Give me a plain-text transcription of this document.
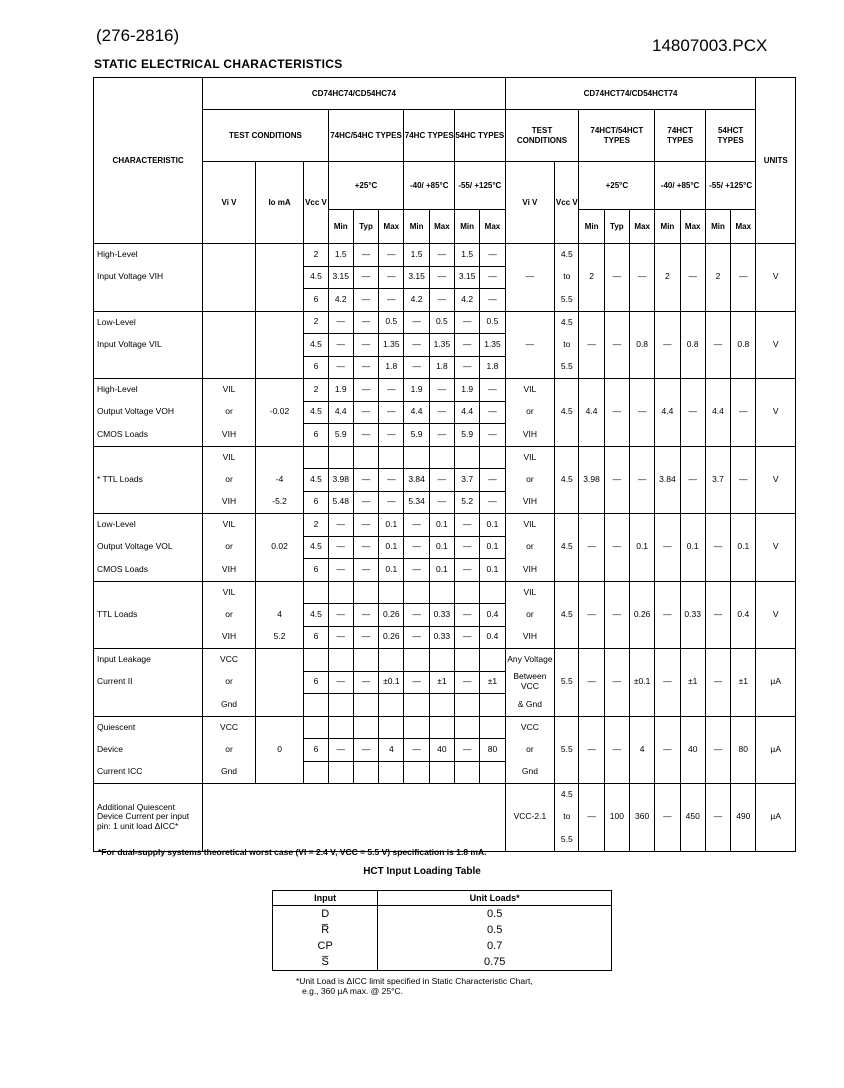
(276-2816)
14807003.PCX
STATIC ELECTRICAL CHARACTERISTICS
CHARACTERISTIC	CD74HC74/CD54HC74										CD74HCT74/CD54HCT74									UNITS
	TEST CONDITIONS			74HC/54HC TYPES			74HC TYPES		54HC TYPES		TEST CONDITIONS		74HCT/54HCT TYPES			74HCT TYPES		54HCT TYPES		
	Vi V	Io mA	Vcc V	+25°C			-40/ +85°C		-55/ +125°C		Vi V	Vcc V	+25°C			-40/ +85°C		-55/ +125°C		
				Min	Typ	Max	Min	Max	Min	Max			Min	Typ	Max	Min	Max	Min	Max	
High-Level			2	1.5	—	—	1.5	—	1.5	—		4.5								
Input Voltage VIH			4.5	3.15	—	—	3.15	—	3.15	—	—	to	2	—	—	2	—	2	—	V
			6	4.2	—	—	4.2	—	4.2	—		5.5								
Low-Level			2	—	—	0.5	—	0.5	—	0.5		4.5								
Input Voltage VIL			4.5	—	—	1.35	—	1.35	—	1.35	—	to	—	—	0.8	—	0.8	—	0.8	V
			6	—	—	1.8	—	1.8	—	1.8		5.5								
High-Level	VIL		2	1.9	—	—	1.9	—	1.9	—	VIL									
Output Voltage VOH	or	-0.02	4.5	4.4	—	—	4.4	—	4.4	—	or	4.5	4.4	—	—	4.4	—	4.4	—	V
CMOS Loads	VIH		6	5.9	—	—	5.9	—	5.9	—	VIH									
	VIL										VIL									
* TTL Loads	or	-4	4.5	3.98	—	—	3.84	—	3.7	—	or	4.5	3.98	—	—	3.84	—	3.7	—	V
	VIH	-5.2	6	5.48	—	—	5.34	—	5.2	—	VIH									
Low-Level	VIL		2	—	—	0.1	—	0.1	—	0.1	VIL									
Output Voltage VOL	or	0.02	4.5	—	—	0.1	—	0.1	—	0.1	or	4.5	—	—	0.1	—	0.1	—	0.1	V
CMOS Loads	VIH		6	—	—	0.1	—	0.1	—	0.1	VIH									
	VIL										VIL									
TTL Loads	or	4	4.5	—	—	0.26	—	0.33	—	0.4	or	4.5	—	—	0.26	—	0.33	—	0.4	V
	VIH	5.2	6	—	—	0.26	—	0.33	—	0.4	VIH									
Input Leakage	VCC										Any Voltage									
Current II	or		6	—	—	±0.1	—	±1	—	±1	Between VCC	5.5	—	—	±0.1	—	±1	—	±1	µA
	Gnd										& Gnd									
Quiescent	VCC										VCC									
Device	or	0	6	—	—	4	—	40	—	80	or	5.5	—	—	4	—	40	—	80	µA
Current ICC	Gnd										Gnd									
Additional Quiescent Device Current per input pin: 1 unit load ΔICC*											VCC-2.1	4.5	—	100	360	—	450	—	490	µA
												to								
												5.5								
*For dual-supply systems theoretical worst case (VI = 2.4 V, VCC = 5.5 V) specification is 1.8 mA.
HCT Input Loading Table
Input	Unit Loads*
D	0.5
R̅	0.5
CP	0.7
S̅	0.75
*Unit Load is ΔICC limit specified in Static Characteristic Chart,
e.g., 360 µA max. @ 25°C.
